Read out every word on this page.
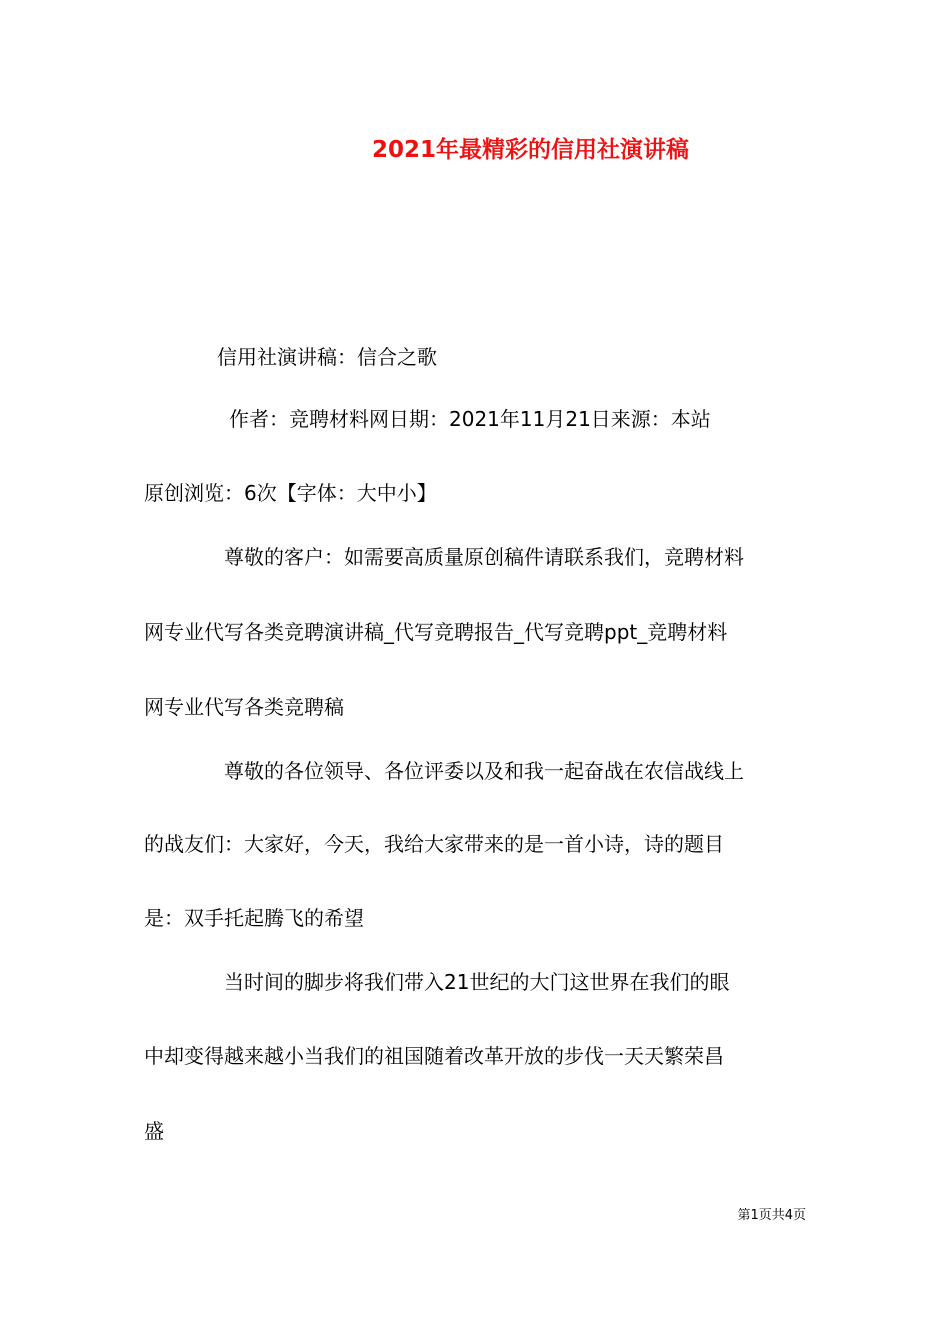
2021年最精彩的信用社演讲稿
信用社演讲稿：信合之歌
作者：竞聘材料网日期：2021年11月21日来源：本站
原创浏览：6次【字体：大中小】
尊敬的客户：如需要高质量原创稿件请联系我们，竞聘材料
网专业代写各类竞聘演讲稿_代写竞聘报告_代写竞聘ppt_竞聘材料
网专业代写各类竞聘稿
尊敬的各位领导、各位评委以及和我一起奋战在农信战线上
的战友们：大家好，今天，我给大家带来的是一首小诗，诗的题目
是：双手托起腾飞的希望
当时间的脚步将我们带入21世纪的大门这世界在我们的眼
中却变得越来越小当我们的祖国随着改革开放的步伐一天天繁荣昌
盛
第1页共4页
